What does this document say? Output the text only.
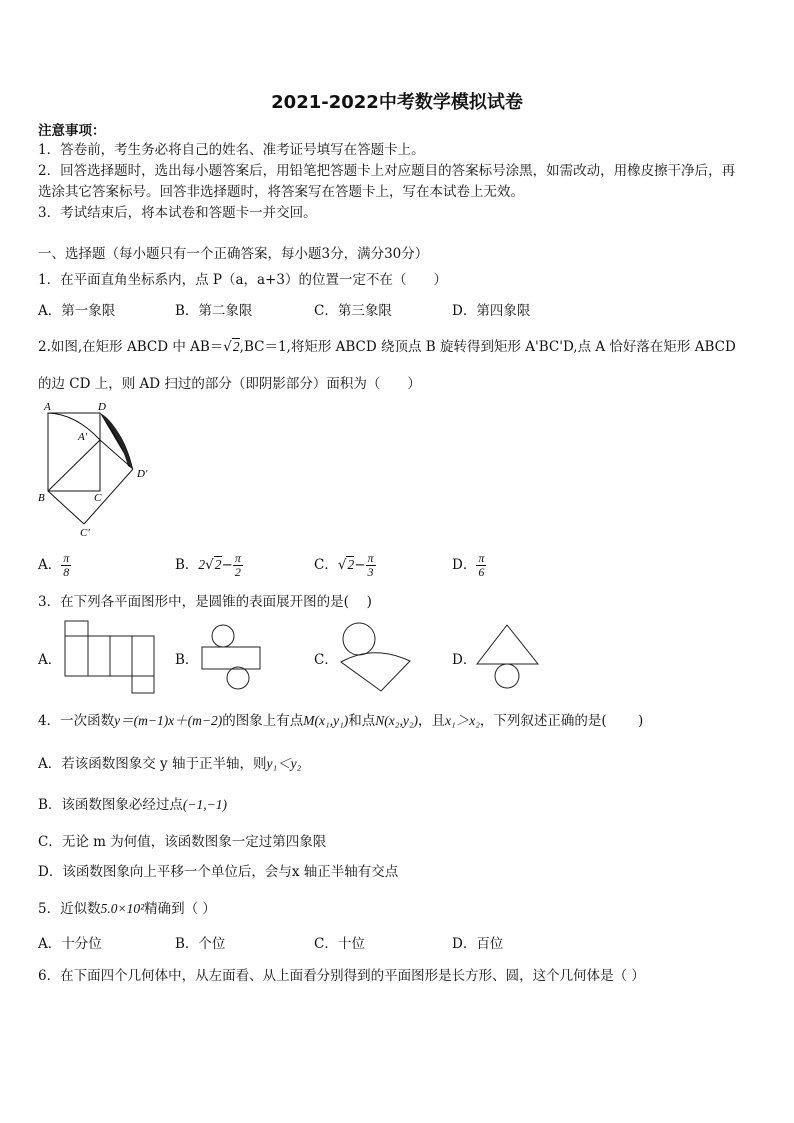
2021-2022中考数学模拟试卷
注意事项：
1．答卷前，考生务必将自己的姓名、准考证号填写在答题卡上。
2．回答选择题时，选出每小题答案后，用铅笔把答题卡上对应题目的答案标号涂黑，如需改动，用橡皮擦干净后，再
选涂其它答案标号。回答非选择题时，将答案写在答题卡上，写在本试卷上无效。
3．考试结束后，将本试卷和答题卡一并交回。
一、选择题（每小题只有一个正确答案，每小题3分，满分30分）
1．在平面直角坐标系内，点 P（a，a+3）的位置一定不在（　　）
A．第一象限	B．第二象限	C．第三象限	D．第四象限
2.如图,在矩形 ABCD 中 AB＝√2,BC＝1,将矩形 ABCD 绕顶点 B 旋转得到矩形 A'BC'D,点 A 恰好落在矩形 ABCD
的边 CD 上，则 AD 扫过的部分（即阴影部分）面积为（　　）
A	D
A′
D′
B	C
C′
A． $\frac{\pi}{8}$	B．$2√2- \frac{\pi}{2}$	C．$√2- \frac{\pi}{3}$	D． $\frac{\pi}{6}$
3．在下列各平面图形中，是圆锥的表面展开图的是(　 )
A．	B．	C．	D．
4．一次函数y＝(m−1)x＋(m−2)的图象上有点M(x₁,y₁)和点N(x₂,y₂)，且x₁＞x₂，下列叙述正确的是(　　 )
A．若该函数图象交 y 轴于正半轴，则y₁＜y₂
B．该函数图象必经过点(−1,−1)
C．无论 m 为何值，该函数图象一定过第四象限
D．该函数图象向上平移一个单位后，会与x 轴正半轴有交点
5．近似数5.0×10²精确到（ ）
A．十分位	B．个位	C．十位	D．百位
6．在下面四个几何体中，从左面看、从上面看分别得到的平面图形是长方形、圆，这个几何体是（ ）
